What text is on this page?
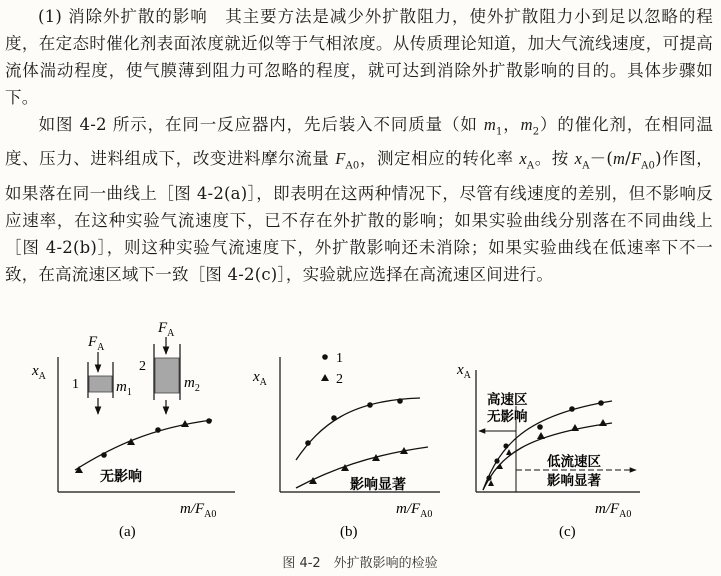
(1) 消除外扩散的影响　其主要方法是减少外扩散阻力，使外扩散阻力小到足以忽略的程度，在定态时催化剂表面浓度就近似等于气相浓度。从传质理论知道，加大气流线速度，可提高流体湍动程度，使气膜薄到阻力可忽略的程度，就可达到消除外扩散影响的目的。具体步骤如下。

如图 4-2 所示，在同一反应器内，先后装入不同质量（如 $m_1$，$m_2$）的催化剂，在相同温度、压力、进料组成下，改变进料摩尔流量 $F_{A0}$，测定相应的转化率 $x_A$。按 $x_A-(m/F_{A0})$作图，如果落在同一曲线上［图 4-2(a)］，即表明在这两种情况下，尽管有线速度的差别，但不影响反应速率，在这种实验气流速度下，已不存在外扩散的影响；如果实验曲线分别落在不同曲线上［图 4-2(b)］，则这种实验气流速度下，外扩散影响还未消除；如果实验曲线在低速率下不一致，在高流速区域下一致［图 4-2(c)］，实验就应选择在高流速区间进行。

$x_A$
$m/F_{A0}$
$F_A$
1 $m_1$
$F_A$
2
$m_2$
无影响
(a)
$x_A$
$m/F_{A0}$
1
2
影响显著
(b)
$x_A$
$m/F_{A0}$
高速区
无影响
低流速区
影响显著
(c)
图 4-2　外扩散影响的检验
